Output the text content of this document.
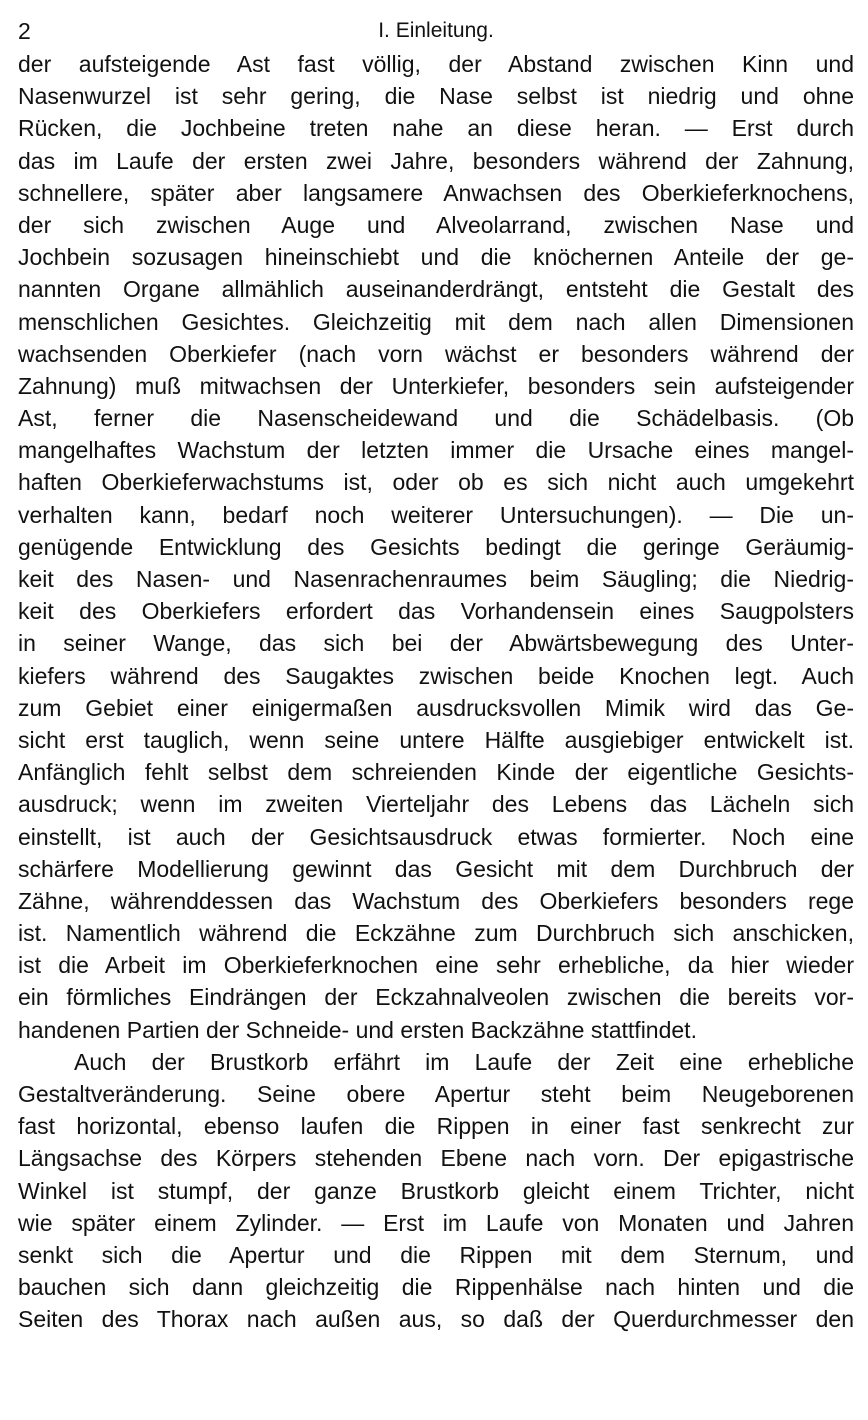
2	I. Einleitung.
der aufsteigende Ast fast völlig, der Abstand zwischen Kinn und
Nasenwurzel ist sehr gering, die Nase selbst ist niedrig und ohne
Rücken, die Jochbeine treten nahe an diese heran. — Erst durch
das im Laufe der ersten zwei Jahre, besonders während der Zahnung,
schnellere, später aber langsamere Anwachsen des Oberkieferknochens,
der sich zwischen Auge und Alveolarrand, zwischen Nase und
Jochbein sozusagen hineinschiebt und die knöchernen Anteile der ge-
nannten Organe allmählich auseinanderdrängt, entsteht die Gestalt des
menschlichen Gesichtes. Gleichzeitig mit dem nach allen Dimensionen
wachsenden Oberkiefer (nach vorn wächst er besonders während der
Zahnung) muß mitwachsen der Unterkiefer, besonders sein aufsteigender
Ast, ferner die Nasenscheidewand und die Schädelbasis. (Ob
mangelhaftes Wachstum der letzten immer die Ursache eines mangel-
haften Oberkieferwachstums ist, oder ob es sich nicht auch umgekehrt
verhalten kann, bedarf noch weiterer Untersuchungen). — Die un-
genügende Entwicklung des Gesichts bedingt die geringe Geräumig-
keit des Nasen- und Nasenrachenraumes beim Säugling; die Niedrig-
keit des Oberkiefers erfordert das Vorhandensein eines Saugpolsters
in seiner Wange, das sich bei der Abwärtsbewegung des Unter-
kiefers während des Saugaktes zwischen beide Knochen legt. Auch
zum Gebiet einer einigermaßen ausdrucksvollen Mimik wird das Ge-
sicht erst tauglich, wenn seine untere Hälfte ausgiebiger entwickelt ist.
Anfänglich fehlt selbst dem schreienden Kinde der eigentliche Gesichts-
ausdruck; wenn im zweiten Vierteljahr des Lebens das Lächeln sich
einstellt, ist auch der Gesichtsausdruck etwas formierter. Noch eine
schärfere Modellierung gewinnt das Gesicht mit dem Durchbruch der
Zähne, währenddessen das Wachstum des Oberkiefers besonders rege
ist. Namentlich während die Eckzähne zum Durchbruch sich anschicken,
ist die Arbeit im Oberkieferknochen eine sehr erhebliche, da hier wieder
ein förmliches Eindrängen der Eckzahnalveolen zwischen die bereits vor-
handenen Partien der Schneide- und ersten Backzähne stattfindet.
Auch der Brustkorb erfährt im Laufe der Zeit eine erhebliche
Gestaltveränderung. Seine obere Apertur steht beim Neugeborenen
fast horizontal, ebenso laufen die Rippen in einer fast senkrecht zur
Längsachse des Körpers stehenden Ebene nach vorn. Der epigastrische
Winkel ist stumpf, der ganze Brustkorb gleicht einem Trichter, nicht
wie später einem Zylinder. — Erst im Laufe von Monaten und Jahren
senkt sich die Apertur und die Rippen mit dem Sternum, und
bauchen sich dann gleichzeitig die Rippenhälse nach hinten und die
Seiten des Thorax nach außen aus, so daß der Querdurchmesser den
